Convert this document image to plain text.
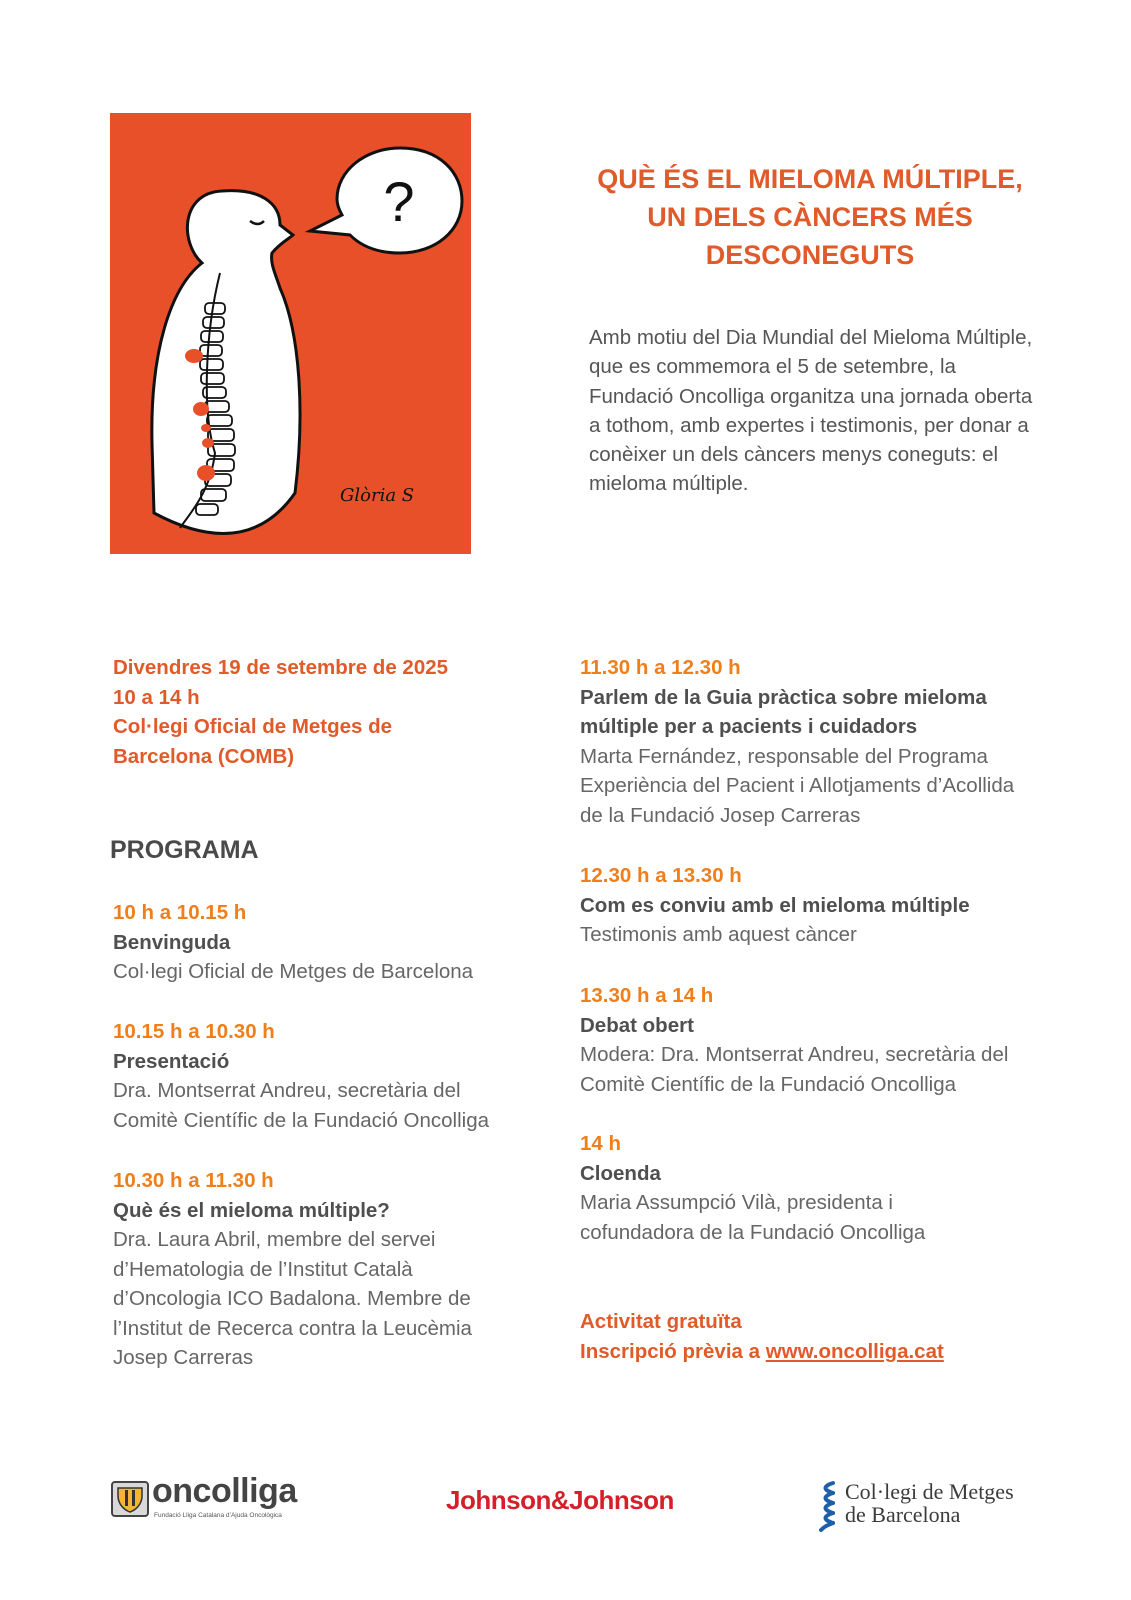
?
Glòria S
QUÈ ÉS EL MIELOMA MÚLTIPLE, UN DELS CÀNCERS MÉS DESCONEGUTS
Amb motiu del Dia Mundial del Mieloma Múltiple, que es commemora el 5 de setembre, la Fundació Oncolliga organitza una jornada oberta a tothom, amb expertes i testimonis, per donar a conèixer un dels càncers menys coneguts: el mieloma múltiple.
Divendres 19 de setembre de 2025
10 a 14 h
Col·legi Oficial de Metges de Barcelona (COMB)
PROGRAMA
10 h a 10.15 h
Benvinguda
Col·legi Oficial de Metges de Barcelona
10.15 h a 10.30 h
Presentació
Dra. Montserrat Andreu, secretària del Comitè Científic de la Fundació Oncolliga
10.30 h a 11.30 h
Què és el mieloma múltiple?
Dra. Laura Abril, membre del servei d’Hematologia de l’Institut Català d’Oncologia ICO Badalona. Membre de l’Institut de Recerca contra la Leucèmia Josep Carreras
11.30 h a 12.30 h
Parlem de la Guia pràctica sobre mieloma múltiple per a pacients i cuidadors
Marta Fernández, responsable del Programa Experiència del Pacient i Allotjaments d’Acollida de la Fundació Josep Carreras
12.30 h a 13.30 h
Com es conviu amb el mieloma múltiple
Testimonis amb aquest càncer
13.30 h a 14 h
Debat obert
Modera: Dra. Montserrat Andreu, secretària del Comitè Científic de la Fundació Oncolliga
14 h
Cloenda
Maria Assumpció Vilà, presidenta i cofundadora de la Fundació Oncolliga
Activitat gratuïta
Inscripció prèvia a www.oncolliga.cat
oncolliga
Fundació Lliga Catalana d’Ajuda Oncològica
Johnson&Johnson	Col·legi de Metges
de Barcelona
